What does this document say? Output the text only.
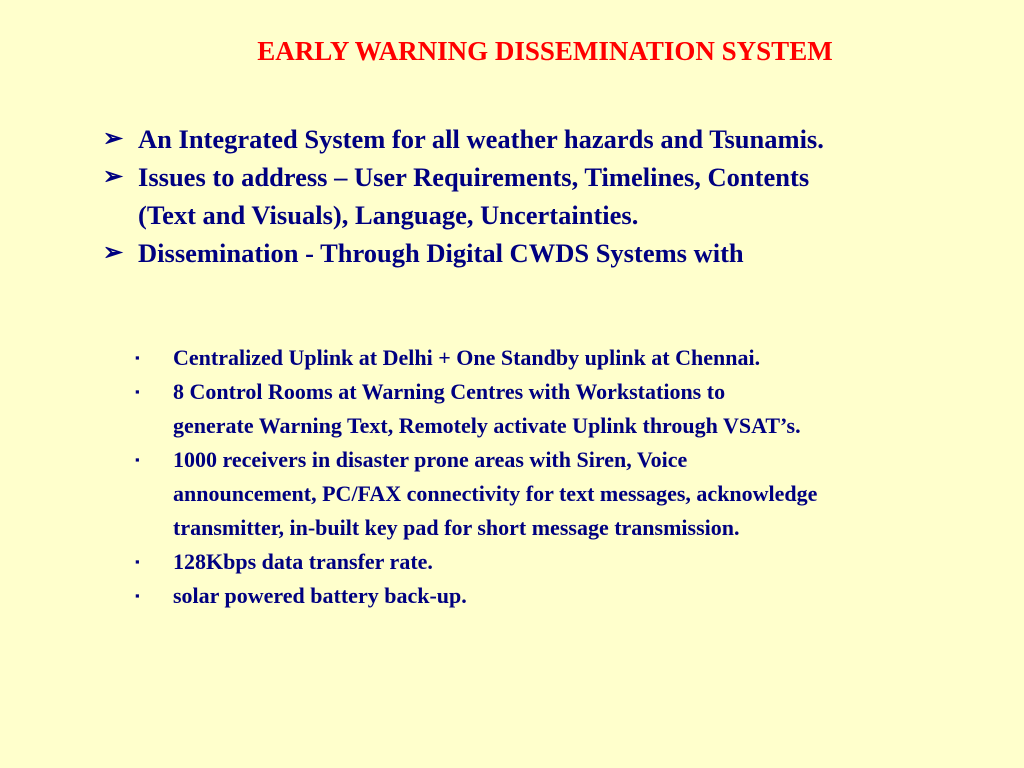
EARLY WARNING DISSEMINATION SYSTEM
➢ An Integrated System for all weather hazards and Tsunamis.
➢ Issues to address – User Requirements, Timelines, Contents
(Text and Visuals), Language, Uncertainties.
➢ Dissemination - Through Digital CWDS Systems with
▪ Centralized Uplink at Delhi + One Standby uplink at Chennai.
▪ 8 Control Rooms at Warning Centres with Workstations to
generate Warning Text, Remotely activate Uplink through VSAT’s.
▪ 1000 receivers in disaster prone areas with Siren, Voice
announcement, PC/FAX connectivity for text messages, acknowledge
transmitter, in-built key pad for short message transmission.
▪ 128Kbps data transfer rate.
▪ solar powered battery back-up.
